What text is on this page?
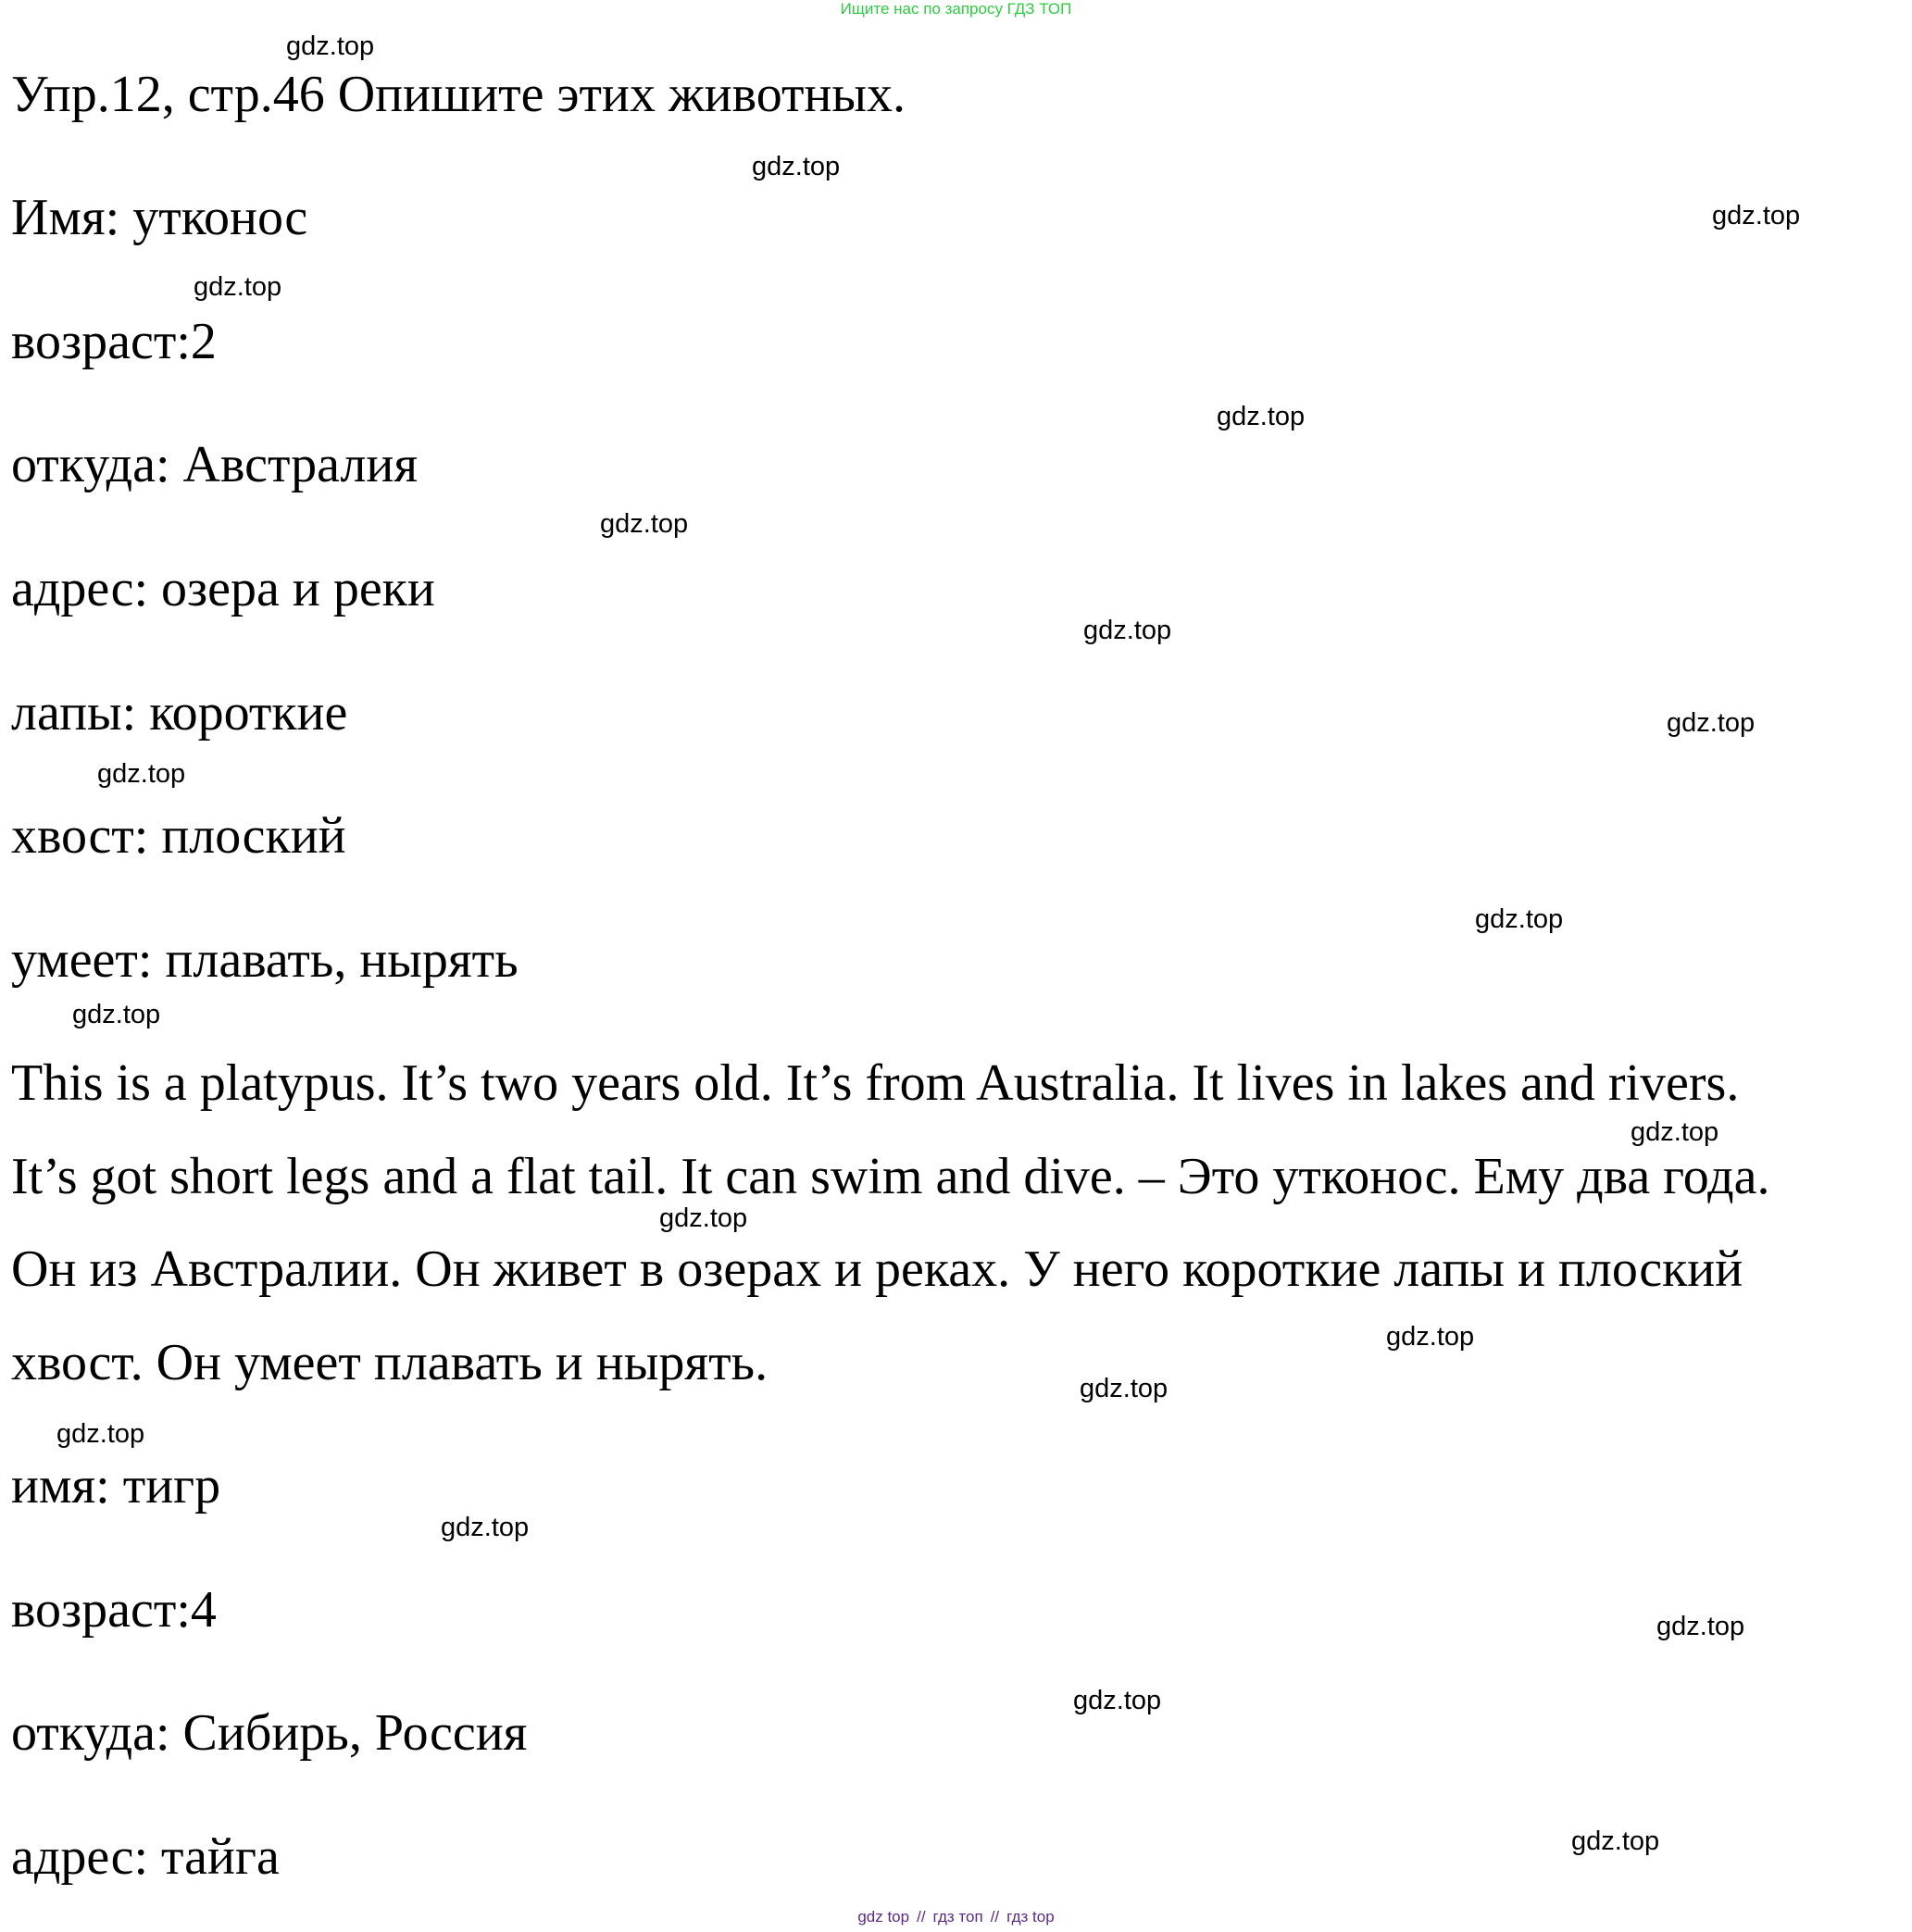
Ищите нас по запросу ГДЗ ТОП
Упр.12, стр.46 Опишите этих животных.
Имя: утконос
возраст:2
откуда: Австралия
адрес: озера и реки
лапы: короткие
хвост: плоский
умеет: плавать, нырять
This is a platypus. It’s two years old. It’s from Australia. It lives in lakes and rivers.
It’s got short legs and a flat tail. It can swim and dive. – Это утконос. Ему два года.
Он из Австралии. Он живет в озерах и реках. У него короткие лапы и плоский
хвост. Он умеет плавать и нырять.
имя: тигр
возраст:4
откуда: Сибирь, Россия
адрес: тайга
gdz.top
gdz.top
gdz.top
gdz.top
gdz.top
gdz.top
gdz.top
gdz.top
gdz.top
gdz.top
gdz.top
gdz.top
gdz.top
gdz.top
gdz.top
gdz.top
gdz.top
gdz.top
gdz.top
gdz.top
gdz top // гдз топ // гдз top
